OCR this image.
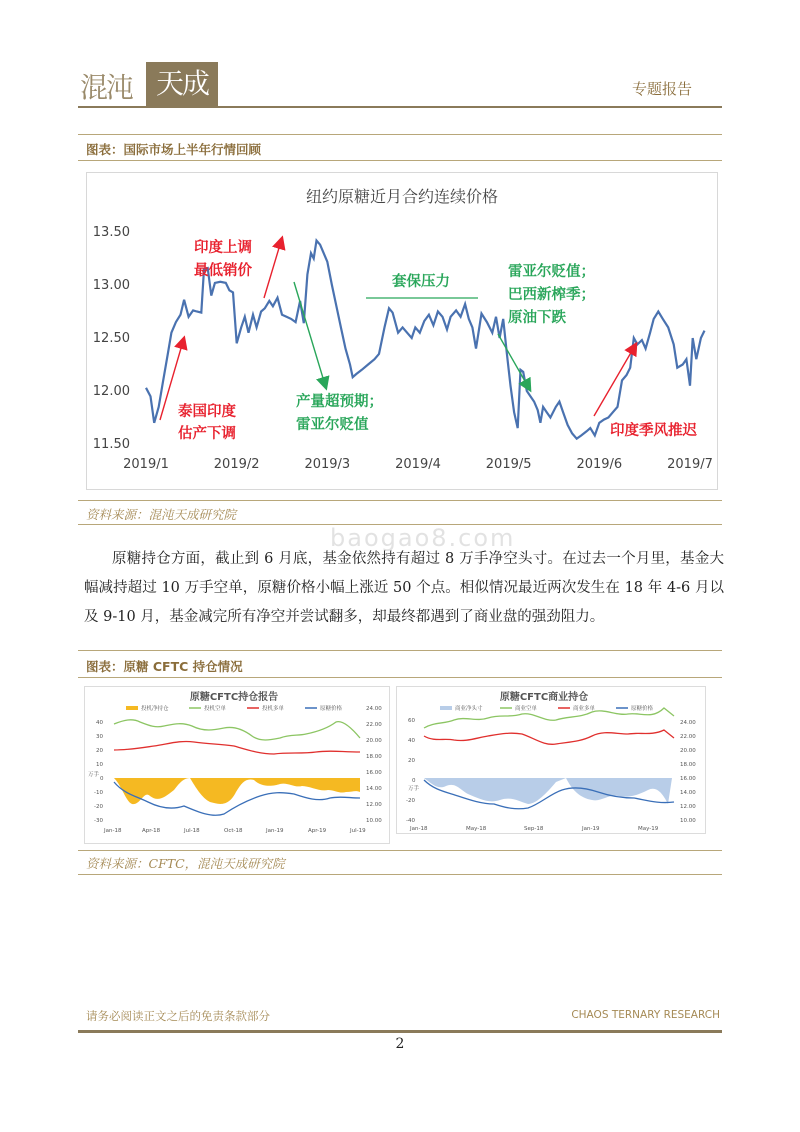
混沌 天成	专题报告
图表：国际市场上半年行情回顾
纽约原糖近月合约连续价格
13.50
13.00
12.50
12.00
11.50
2019/1	2019/2	2019/3	2019/4	2019/5	2019/6	2019/7
印度上调
最低销价
套保压力
雷亚尔贬值；
巴西新榨季；
原油下跌
泰国印度
估产下调
产量超预期；
雷亚尔贬值	印度季风推迟
资料来源：混沌天成研究院

原糖持仓方面，截止到 6 月底，基金依然持有超过 8 万手净空头寸。在过去一个月里，基金大幅减持超过 10 万手空单，原糖价格小幅上涨近 50 个点。相似情况最近两次发生在 18 年 4-6 月以及 9-10 月，基金减完所有净空并尝试翻多，却最终都遇到了商业盘的强劲阻力。

图表：原糖 CFTC 持仓情况
原糖CFTC持仓报告
投机净持仓	投机空单	投机多单	原糖价格
40
30
20
10
0
-10
-20
-30
万手
24.00
22.00
20.00
18.00
16.00
14.00
12.00
10.00
Jan-18	Apr-18	Jul-18	Oct-18	Jan-19	Apr-19	Jul-19
原糖CFTC商业持仓
商业净头寸	商业空单	商业多单	原糖价格
60
40
20
0
-20
-40
万手
24.00
22.00
20.00
18.00
16.00
14.00
12.00
10.00
Jan-18	May-18	Sep-18	Jan-19	May-19
资料来源：CFTC，混沌天成研究院
baogao8.com
请务必阅读正文之后的免责条款部分	CHAOS TERNARY RESEARCH
2
